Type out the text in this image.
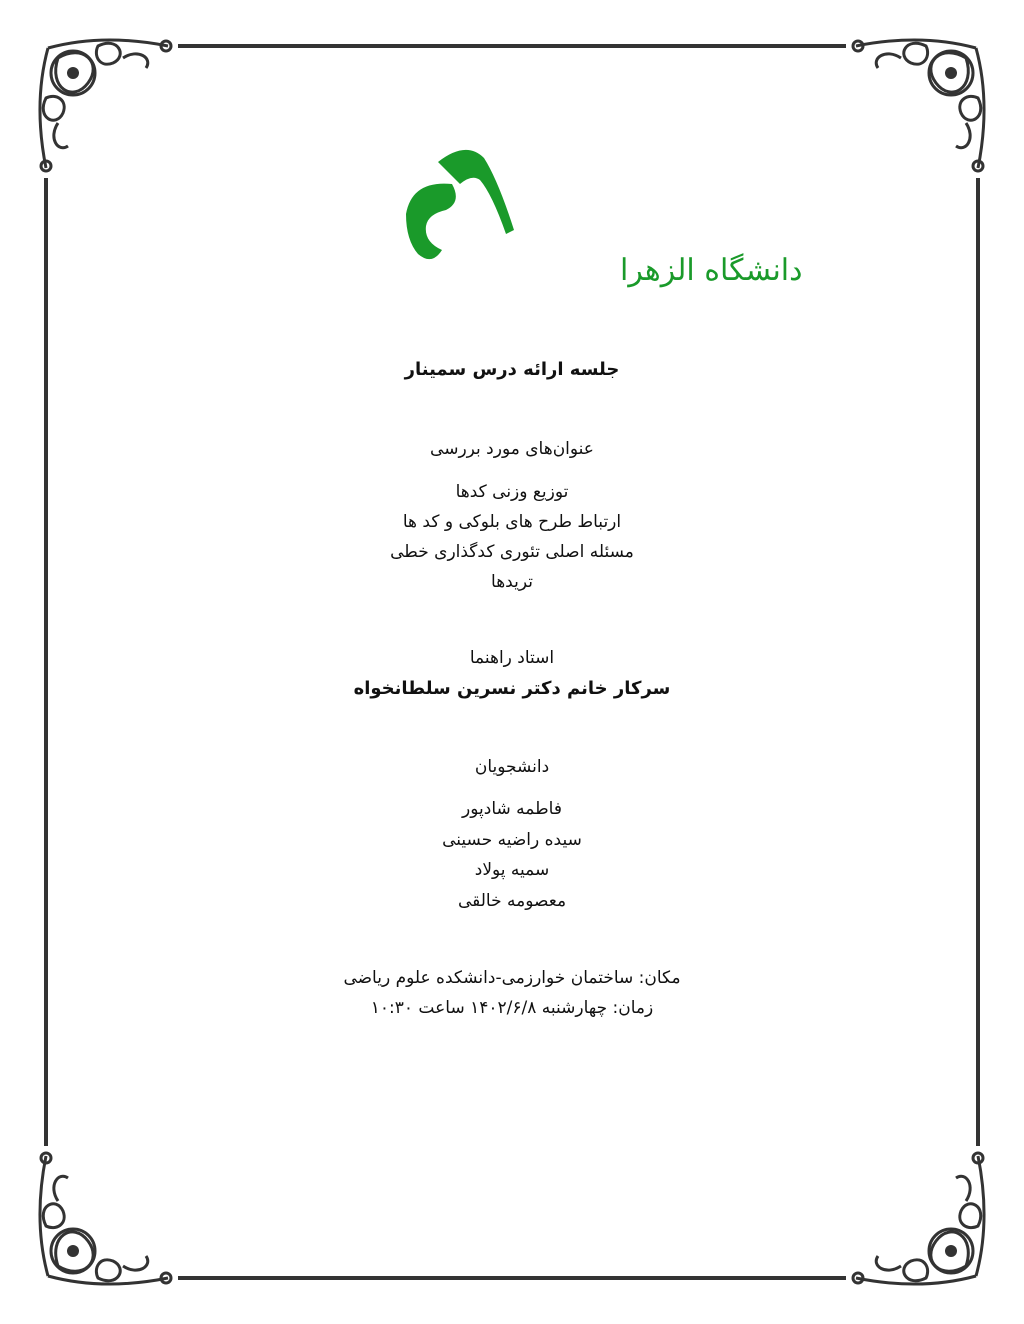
دانشگاه الزهرا
جلسه ارائه درس سمینار
عنوان‌های مورد بررسی
توزیع وزنی کدها
ارتباط طرح های بلوکی و کد ها
مسئله اصلی تئوری کدگذاری خطی
تریدها
استاد راهنما
سرکار خانم دکتر نسرین سلطانخواه
دانشجویان
فاطمه شادپور
سیده راضیه حسینی
سمیه پولاد
معصومه خالقی
مکان: ساختمان خوارزمی-دانشکده علوم ریاضی
زمان: چهارشنبه ۱۴۰۲/۶/۸ ساعت ۱۰:۳۰
